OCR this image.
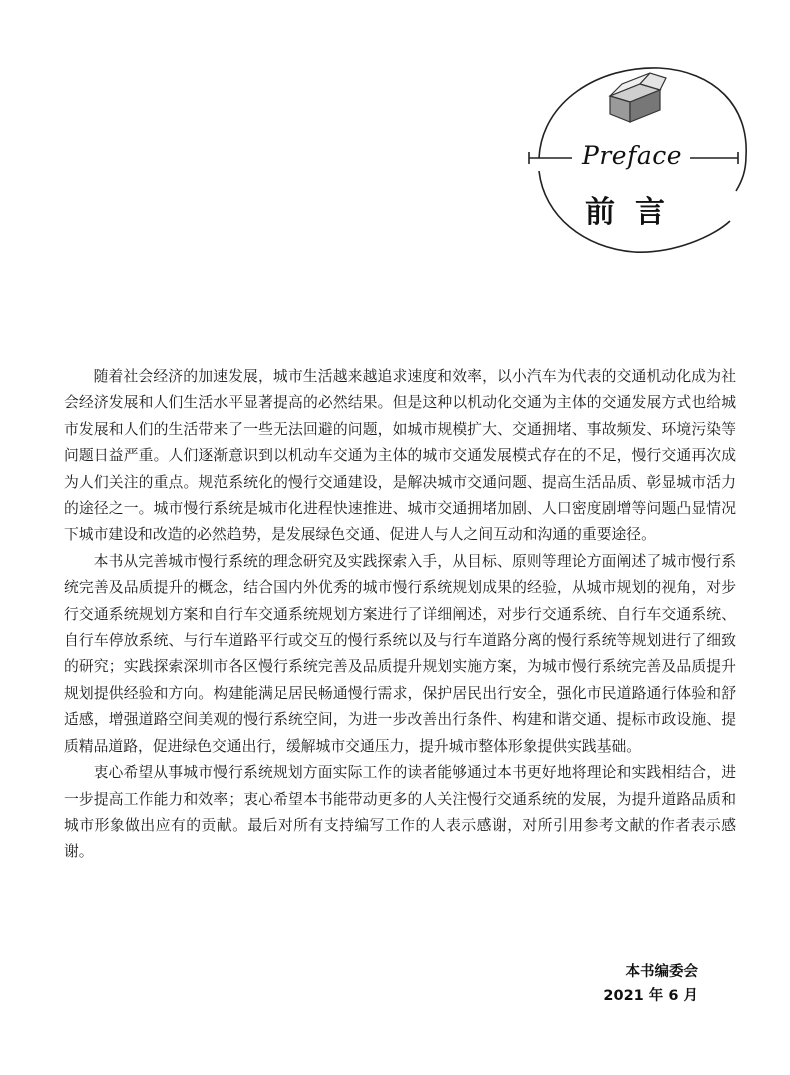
Preface
前言

随着社会经济的加速发展，城市生活越来越追求速度和效率，以小汽车为代表的交通机动化成为社会经济发展和人们生活水平显著提高的必然结果。但是这种以机动化交通为主体的交通发展方式也给城市发展和人们的生活带来了一些无法回避的问题，如城市规模扩大、交通拥堵、事故频发、环境污染等问题日益严重。人们逐渐意识到以机动车交通为主体的城市交通发展模式存在的不足，慢行交通再次成为人们关注的重点。规范系统化的慢行交通建设，是解决城市交通问题、提高生活品质、彰显城市活力的途径之一。城市慢行系统是城市化进程快速推进、城市交通拥堵加剧、人口密度剧增等问题凸显情况下城市建设和改造的必然趋势，是发展绿色交通、促进人与人之间互动和沟通的重要途径。

本书从完善城市慢行系统的理念研究及实践探索入手，从目标、原则等理论方面阐述了城市慢行系统完善及品质提升的概念，结合国内外优秀的城市慢行系统规划成果的经验，从城市规划的视角，对步行交通系统规划方案和自行车交通系统规划方案进行了详细阐述，对步行交通系统、自行车交通系统、自行车停放系统、与行车道路平行或交互的慢行系统以及与行车道路分离的慢行系统等规划进行了细致的研究；实践探索深圳市各区慢行系统完善及品质提升规划实施方案，为城市慢行系统完善及品质提升规划提供经验和方向。构建能满足居民畅通慢行需求，保护居民出行安全，强化市民道路通行体验和舒适感，增强道路空间美观的慢行系统空间，为进一步改善出行条件、构建和谐交通、提标市政设施、提质精品道路，促进绿色交通出行，缓解城市交通压力，提升城市整体形象提供实践基础。

衷心希望从事城市慢行系统规划方面实际工作的读者能够通过本书更好地将理论和实践相结合，进一步提高工作能力和效率；衷心希望本书能带动更多的人关注慢行交通系统的发展，为提升道路品质和城市形象做出应有的贡献。最后对所有支持编写工作的人表示感谢，对所引用参考文献的作者表示感谢。

本书编委会
2021 年 6 月
